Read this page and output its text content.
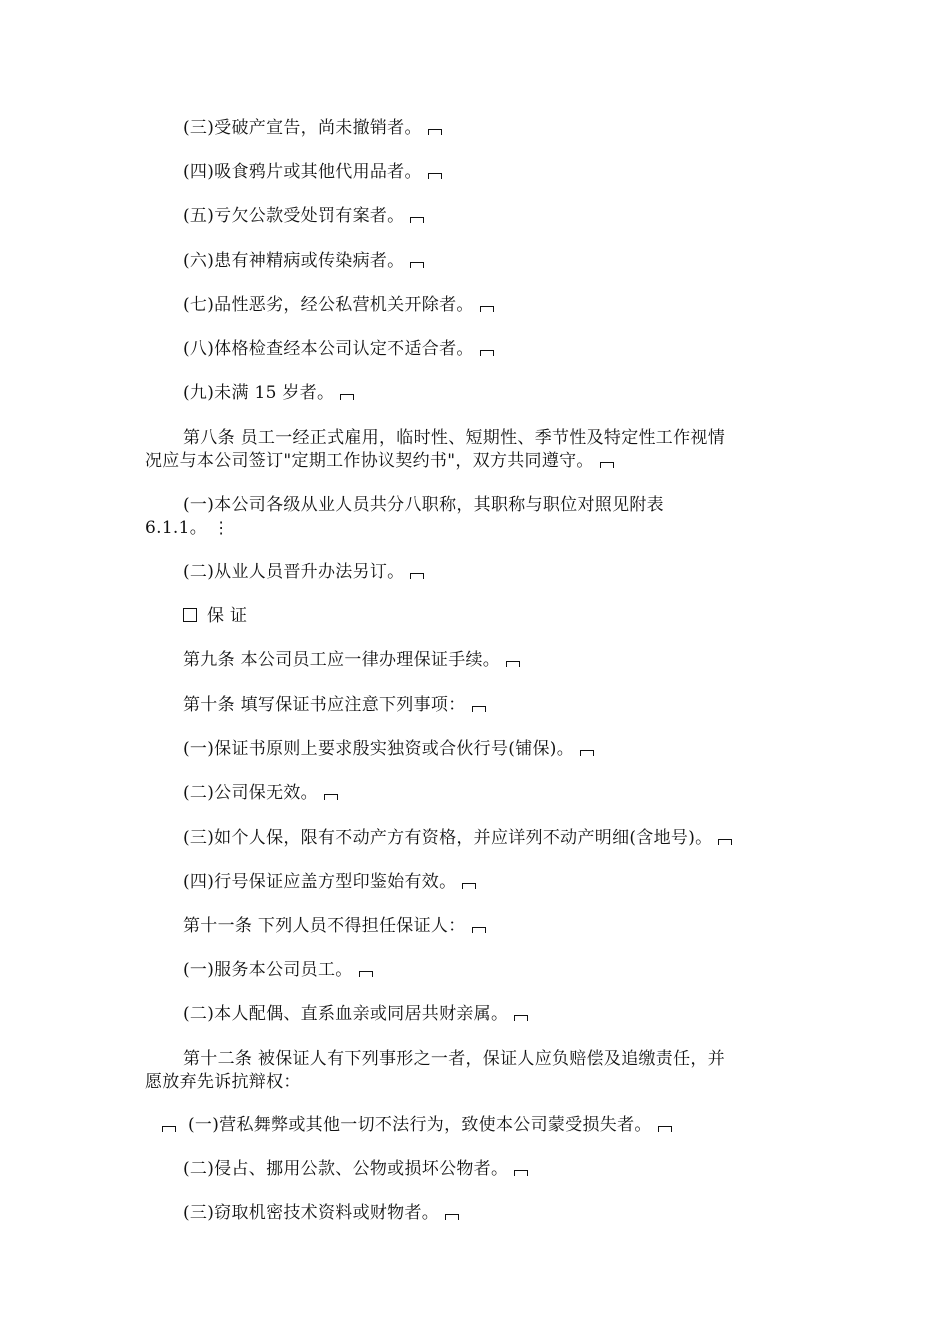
(三)受破产宣告，尚未撤销者。
(四)吸食鸦片或其他代用品者。
(五)亏欠公款受处罚有案者。
(六)患有神精病或传染病者。
(七)品性恶劣，经公私营机关开除者。
(八)体格检查经本公司认定不适合者。
(九)未满 15 岁者。
第八条 员工一经正式雇用，临时性、短期性、季节性及特定性工作视情
况应与本公司签订"定期工作协议契约书"，双方共同遵守。
(一)本公司各级从业人员共分八职称，其职称与职位对照见附表
6.1.1。 ⋮
(二)从业人员晋升办法另订。
保 证
第九条 本公司员工应一律办理保证手续。
第十条 填写保证书应注意下列事项：
(一)保证书原则上要求殷实独资或合伙行号(铺保)。
(二)公司保无效。
(三)如个人保，限有不动产方有资格，并应详列不动产明细(含地号)。
(四)行号保证应盖方型印鉴始有效。
第十一条 下列人员不得担任保证人：
(一)服务本公司员工。
(二)本人配偶、直系血亲或同居共财亲属。
第十二条 被保证人有下列事形之一者，保证人应负赔偿及追缴责任，并
愿放弃先诉抗辩权：
(一)营私舞弊或其他一切不法行为，致使本公司蒙受损失者。
(二)侵占、挪用公款、公物或损坏公物者。
(三)窃取机密技术资料或财物者。
